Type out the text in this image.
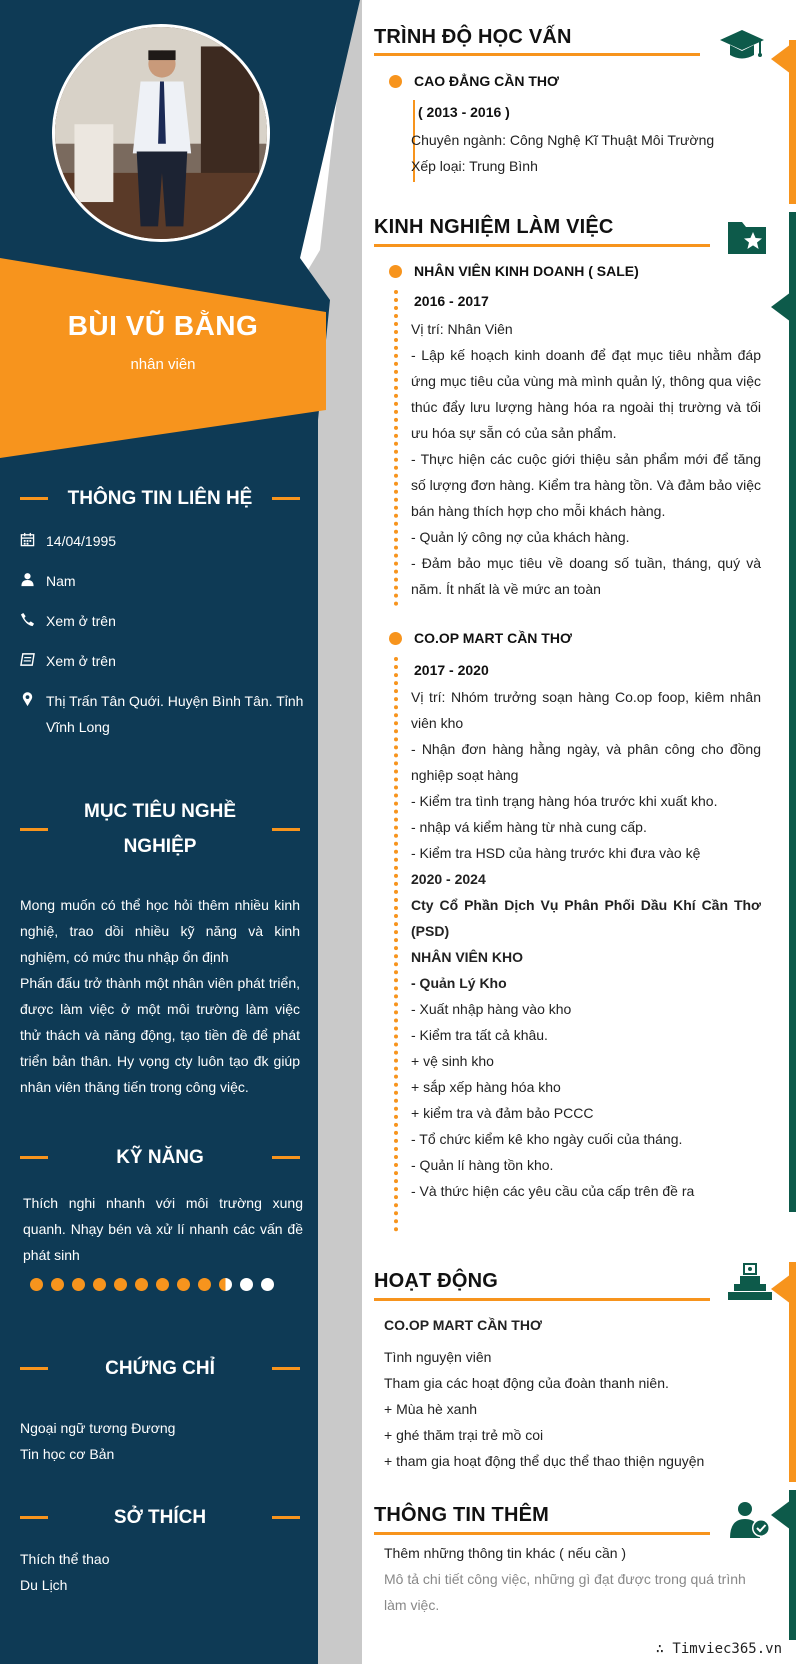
BÙI VŨ BẰNG
nhân viên
THÔNG TIN LIÊN HỆ
14/04/1995
Nam
Xem ở trên
Xem ở trên
Thị Trấn Tân Quới. Huyện Bình Tân. Tỉnh Vĩnh Long
MỤC TIÊU NGHỀ NGHIỆP

Mong muốn có thể học hỏi thêm nhiều kinh nghiệ, trao dồi nhiều kỹ năng và kinh nghiệm, có mức thu nhập ổn định

Phấn đấu trở thành một nhân viên phát triển, được làm việc ở một môi trường làm việc thử thách và năng động, tạo tiền đề để phát triển bản thân. Hy vọng cty luôn tạo đk giúp nhân viên thăng tiến trong công việc.

KỸ NĂNG
Thích nghi nhanh với môi trường xung quanh. Nhạy bén và xử lí nhanh các vấn đề phát sinh
CHỨNG CHỈ

Ngoại ngữ tương Đương

Tin học cơ Bản

SỞ THÍCH

Thích thể thao

Du Lịch

TRÌNH ĐỘ HỌC VẤN
CAO ĐẲNG CẦN THƠ
( 2013 - 2016 )

Chuyên ngành: Công Nghệ Kĩ Thuật Môi Trường

Xếp loại: Trung Bình

KINH NGHIỆM LÀM VIỆC
NHÂN VIÊN KINH DOANH ( SALE)
2016 - 2017

Vị trí: Nhân Viên

- Lập kế hoạch kinh doanh để đạt mục tiêu nhằm đáp ứng mục tiêu của vùng mà mình quản lý, thông qua việc thúc đẩy lưu lượng hàng hóa ra ngoài thị trường và tối ưu hóa sự sẵn có của sản phẩm.

- Thực hiện các cuộc giới thiệu sản phẩm mới để tăng số lượng đơn hàng. Kiểm tra hàng tồn. Và đảm bảo việc bán hàng thích hợp cho mỗi khách hàng.

- Quản lý công nợ của khách hàng.

- Đảm bảo mục tiêu về doang số tuần, tháng, quý và năm. Ít nhất là về mức an toàn

CO.OP MART CẦN THƠ
2017 - 2020

Vị trí: Nhóm trưởng soạn hàng Co.op foop, kiêm nhân viên kho

- Nhận đơn hàng hằng ngày, và phân công cho đồng nghiệp soạt hàng

- Kiểm tra tình trạng hàng hóa trước khi xuất kho.

- nhập vá kiểm hàng từ nhà cung cấp.

- Kiểm tra HSD của hàng trước khi đưa vào kệ

2020 - 2024

Cty Cổ Phần Dịch Vụ Phân Phối Dầu Khí Cần Thơ (PSD)

NHÂN VIÊN KHO

- Quản Lý Kho

- Xuất nhập hàng vào kho

- Kiểm tra tất cả khâu.

+ vệ sinh kho

+ sắp xếp hàng hóa kho

+ kiểm tra và đảm bảo PCCC

- Tổ chức kiểm kê kho ngày cuối của tháng.

- Quản lí hàng tồn kho.

- Và thức hiện các yêu cầu của cấp trên đề ra

HOẠT ĐỘNG
CO.OP MART CẦN THƠ

Tình nguyện viên

Tham gia các hoạt động của đoàn thanh niên.

+ Mùa hè xanh

+ ghé thăm trại trẻ mồ coi

+ tham gia hoạt động thể dục thể thao thiện nguyện

THÔNG TIN THÊM

Thêm những thông tin khác ( nếu cần )

Mô tả chi tiết công việc, những gì đạt được trong quá trình làm việc.

∴ Timviec365.vn
